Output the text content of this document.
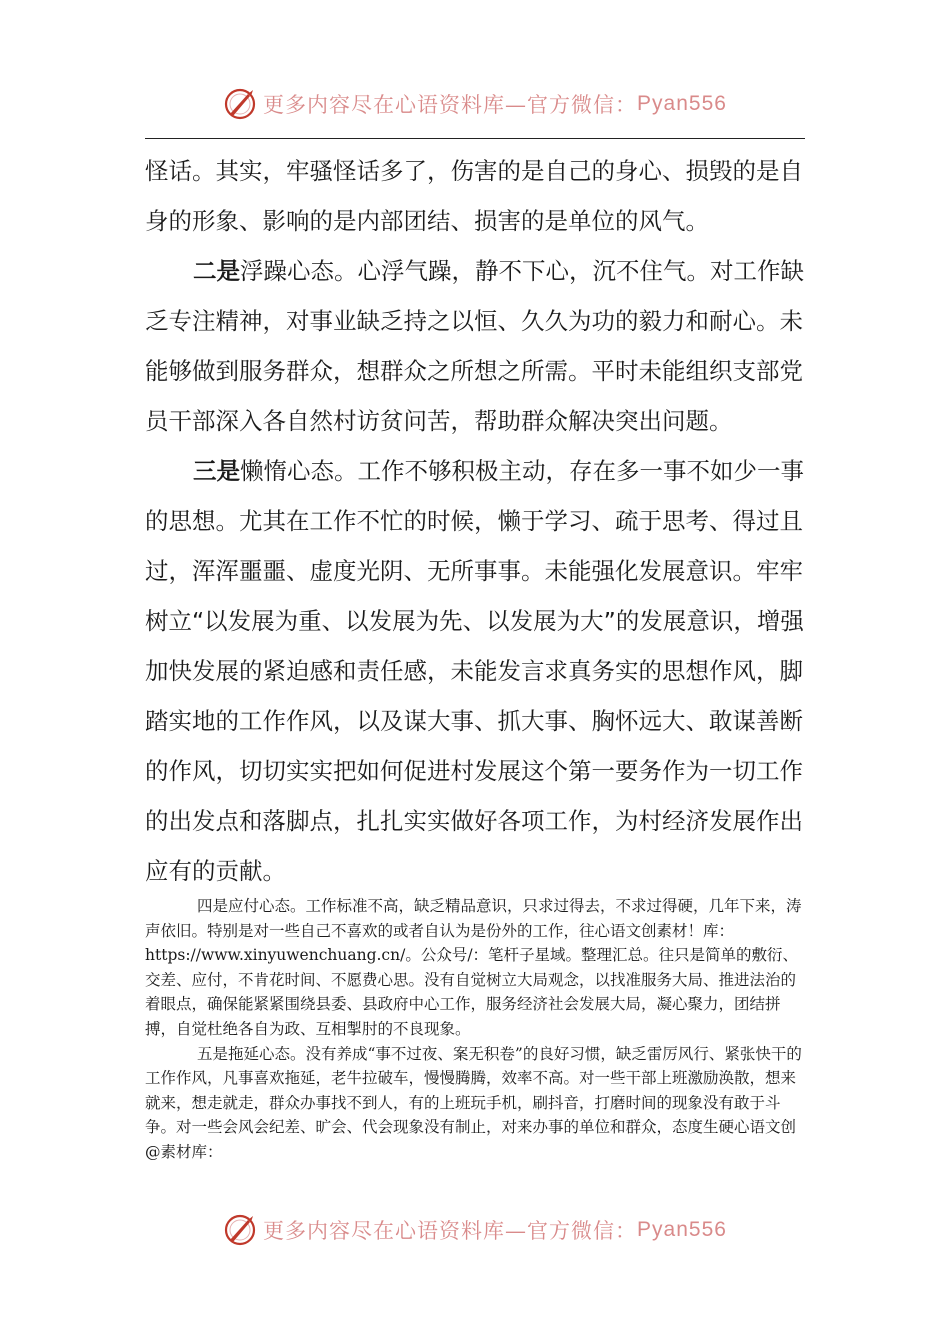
更多内容尽在心语资料库—官方微信： Pyan556

怪话。其实，牢骚怪话多了，伤害的是自己的身心、损毁的是自身的形象、影响的是内部团结、损害的是单位的风气。

二是浮躁心态。心浮气躁，静不下心，沉不住气。对工作缺乏专注精神，对事业缺乏持之以恒、久久为功的毅力和耐心。未能够做到服务群众，想群众之所想之所需。平时未能组织支部党员干部深入各自然村访贫问苦，帮助群众解决突出问题。

三是懒惰心态。工作不够积极主动，存在多一事不如少一事的思想。尤其在工作不忙的时候，懒于学习、疏于思考、得过且过，浑浑噩噩、虚度光阴、无所事事。未能强化发展意识。牢牢树立“以发展为重、以发展为先、以发展为大”的发展意识，增强加快发展的紧迫感和责任感，未能发言求真务实的思想作风，脚踏实地的工作作风，以及谋大事、抓大事、胸怀远大、敢谋善断的作风，切切实实把如何促进村发展这个第一要务作为一切工作的出发点和落脚点，扎扎实实做好各项工作，为村经济发展作出应有的贡献。

四是应付心态。工作标准不高，缺乏精品意识，只求过得去，不求过得硬，几年下来，涛声依旧。特别是对一些自己不喜欢的或者自认为是份外的工作，往心语文创素材！库：https://www.xinyuwenchuang.cn/。公众号/：笔杆子星域。整理汇总。往只是简单的敷衍、交差、应付，不肯花时间、不愿费心思。没有自觉树立大局观念，以找准服务大局、推进法治的着眼点，确保能紧紧围绕县委、县政府中心工作，服务经济社会发展大局，凝心聚力，团结拼搏，自觉杜绝各自为政、互相掣肘的不良现象。

五是拖延心态。没有养成“事不过夜、案无积卷”的良好习惯，缺乏雷厉风行、紧张快干的工作作风，凡事喜欢拖延，老牛拉破车，慢慢腾腾，效率不高。对一些干部上班激励涣散，想来就来，想走就走，群众办事找不到人，有的上班玩手机，刷抖音，打磨时间的现象没有敢于斗争。对一些会风会纪差、旷会、代会现象没有制止，对来办事的单位和群众，态度生硬心语文创@素材库：

更多内容尽在心语资料库—官方微信： Pyan556
